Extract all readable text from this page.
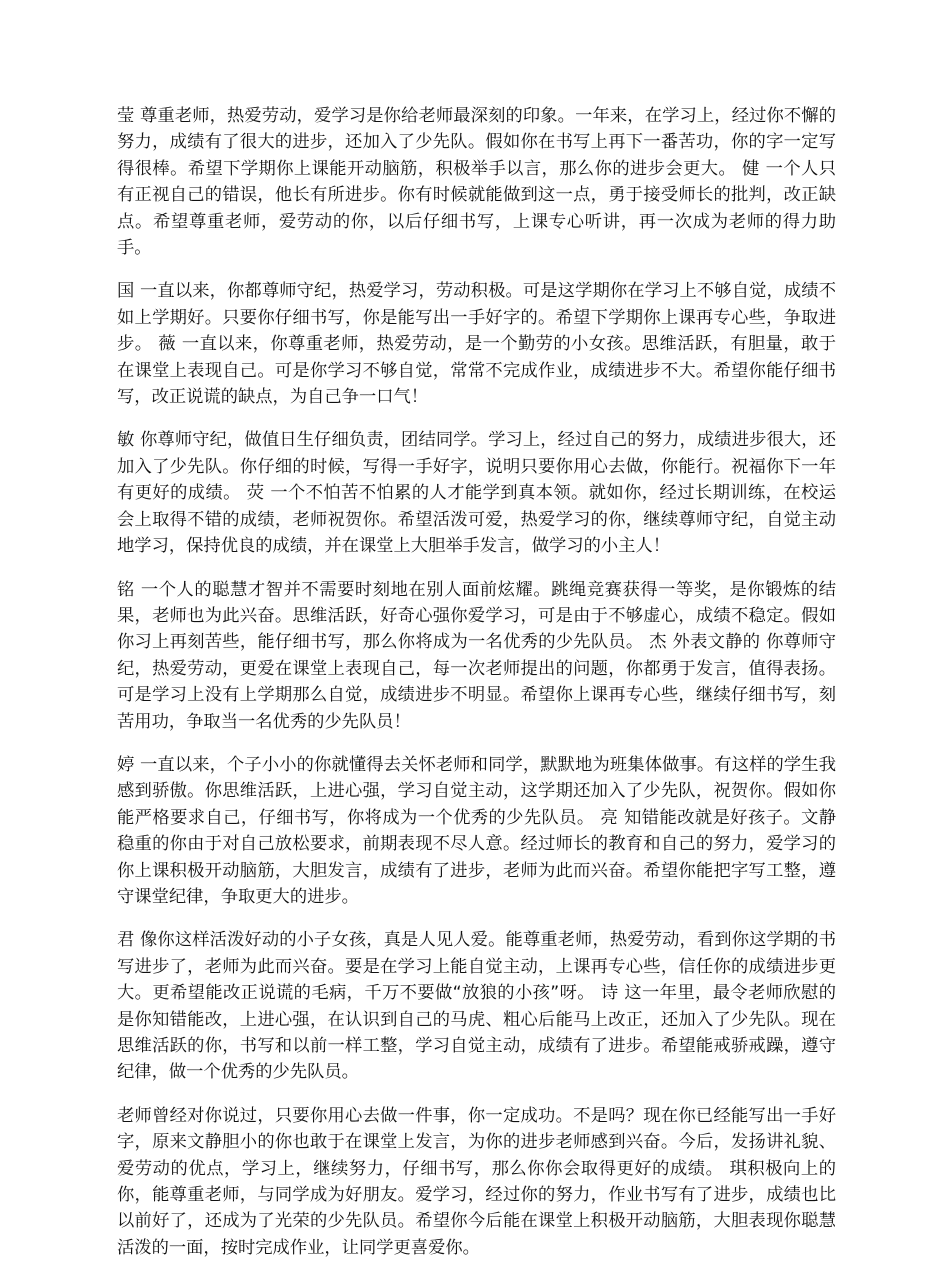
莹 尊重老师，热爱劳动，爱学习是你给老师最深刻的印象。一年来，在学习上，经过你不懈的努力，成绩有了很大的进步，还加入了少先队。假如你在书写上再下一番苦功，你的字一定写得很棒。希望下学期你上课能开动脑筋，积极举手以言，那么你的进步会更大。 健 一个人只有正视自己的错误，他长有所进步。你有时候就能做到这一点，勇于接受师长的批判，改正缺点。希望尊重老师，爱劳动的你，以后仔细书写，上课专心听讲，再一次成为老师的得力助手。

国 一直以来，你都尊师守纪，热爱学习，劳动积极。可是这学期你在学习上不够自觉，成绩不如上学期好。只要你仔细书写，你是能写出一手好字的。希望下学期你上课再专心些，争取进步。 薇 一直以来，你尊重老师，热爱劳动，是一个勤劳的小女孩。思维活跃，有胆量，敢于在课堂上表现自己。可是你学习不够自觉，常常不完成作业，成绩进步不大。希望你能仔细书写，改正说谎的缺点，为自己争一口气！

敏 你尊师守纪，做值日生仔细负责，团结同学。学习上，经过自己的努力，成绩进步很大，还加入了少先队。你仔细的时候，写得一手好字，说明只要你用心去做，你能行。祝福你下一年有更好的成绩。 荧 一个不怕苦不怕累的人才能学到真本领。就如你，经过长期训练，在校运会上取得不错的成绩，老师祝贺你。希望活泼可爱，热爱学习的你，继续尊师守纪，自觉主动地学习，保持优良的成绩，并在课堂上大胆举手发言，做学习的小主人！

铭 一个人的聪慧才智并不需要时刻地在别人面前炫耀。跳绳竞赛获得一等奖，是你锻炼的结果，老师也为此兴奋。思维活跃，好奇心强你爱学习，可是由于不够虚心，成绩不稳定。假如你习上再刻苦些，能仔细书写，那么你将成为一名优秀的少先队员。 杰 外表文静的 你尊师守纪，热爱劳动，更爱在课堂上表现自己，每一次老师提出的问题，你都勇于发言，值得表扬。可是学习上没有上学期那么自觉，成绩进步不明显。希望你上课再专心些，继续仔细书写，刻苦用功，争取当一名优秀的少先队员！

婷 一直以来，个子小小的你就懂得去关怀老师和同学，默默地为班集体做事。有这样的学生我感到骄傲。你思维活跃，上进心强，学习自觉主动，这学期还加入了少先队，祝贺你。假如你能严格要求自己，仔细书写，你将成为一个优秀的少先队员。 亮 知错能改就是好孩子。文静稳重的你由于对自己放松要求，前期表现不尽人意。经过师长的教育和自己的努力，爱学习的你上课积极开动脑筋，大胆发言，成绩有了进步，老师为此而兴奋。希望你能把字写工整，遵守课堂纪律，争取更大的进步。

君 像你这样活泼好动的小子女孩，真是人见人爱。能尊重老师，热爱劳动，看到你这学期的书写进步了，老师为此而兴奋。要是在学习上能自觉主动，上课再专心些，信任你的成绩进步更大。更希望能改正说谎的毛病，千万不要做“放狼的小孩”呀。 诗 这一年里，最令老师欣慰的是你知错能改，上进心强，在认识到自己的马虎、粗心后能马上改正，还加入了少先队。现在思维活跃的你，书写和以前一样工整，学习自觉主动，成绩有了进步。希望能戒骄戒躁，遵守纪律，做一个优秀的少先队员。

老师曾经对你说过，只要你用心去做一件事，你一定成功。不是吗？现在你已经能写出一手好字，原来文静胆小的你也敢于在课堂上发言，为你的进步老师感到兴奋。今后，发扬讲礼貌、爱劳动的优点，学习上，继续努力，仔细书写，那么你你会取得更好的成绩。 琪积极向上的你，能尊重老师，与同学成为好朋友。爱学习，经过你的努力，作业书写有了进步，成绩也比以前好了，还成为了光荣的少先队员。希望你今后能在课堂上积极开动脑筋，大胆表现你聪慧活泼的一面，按时完成作业，让同学更喜爱你。
